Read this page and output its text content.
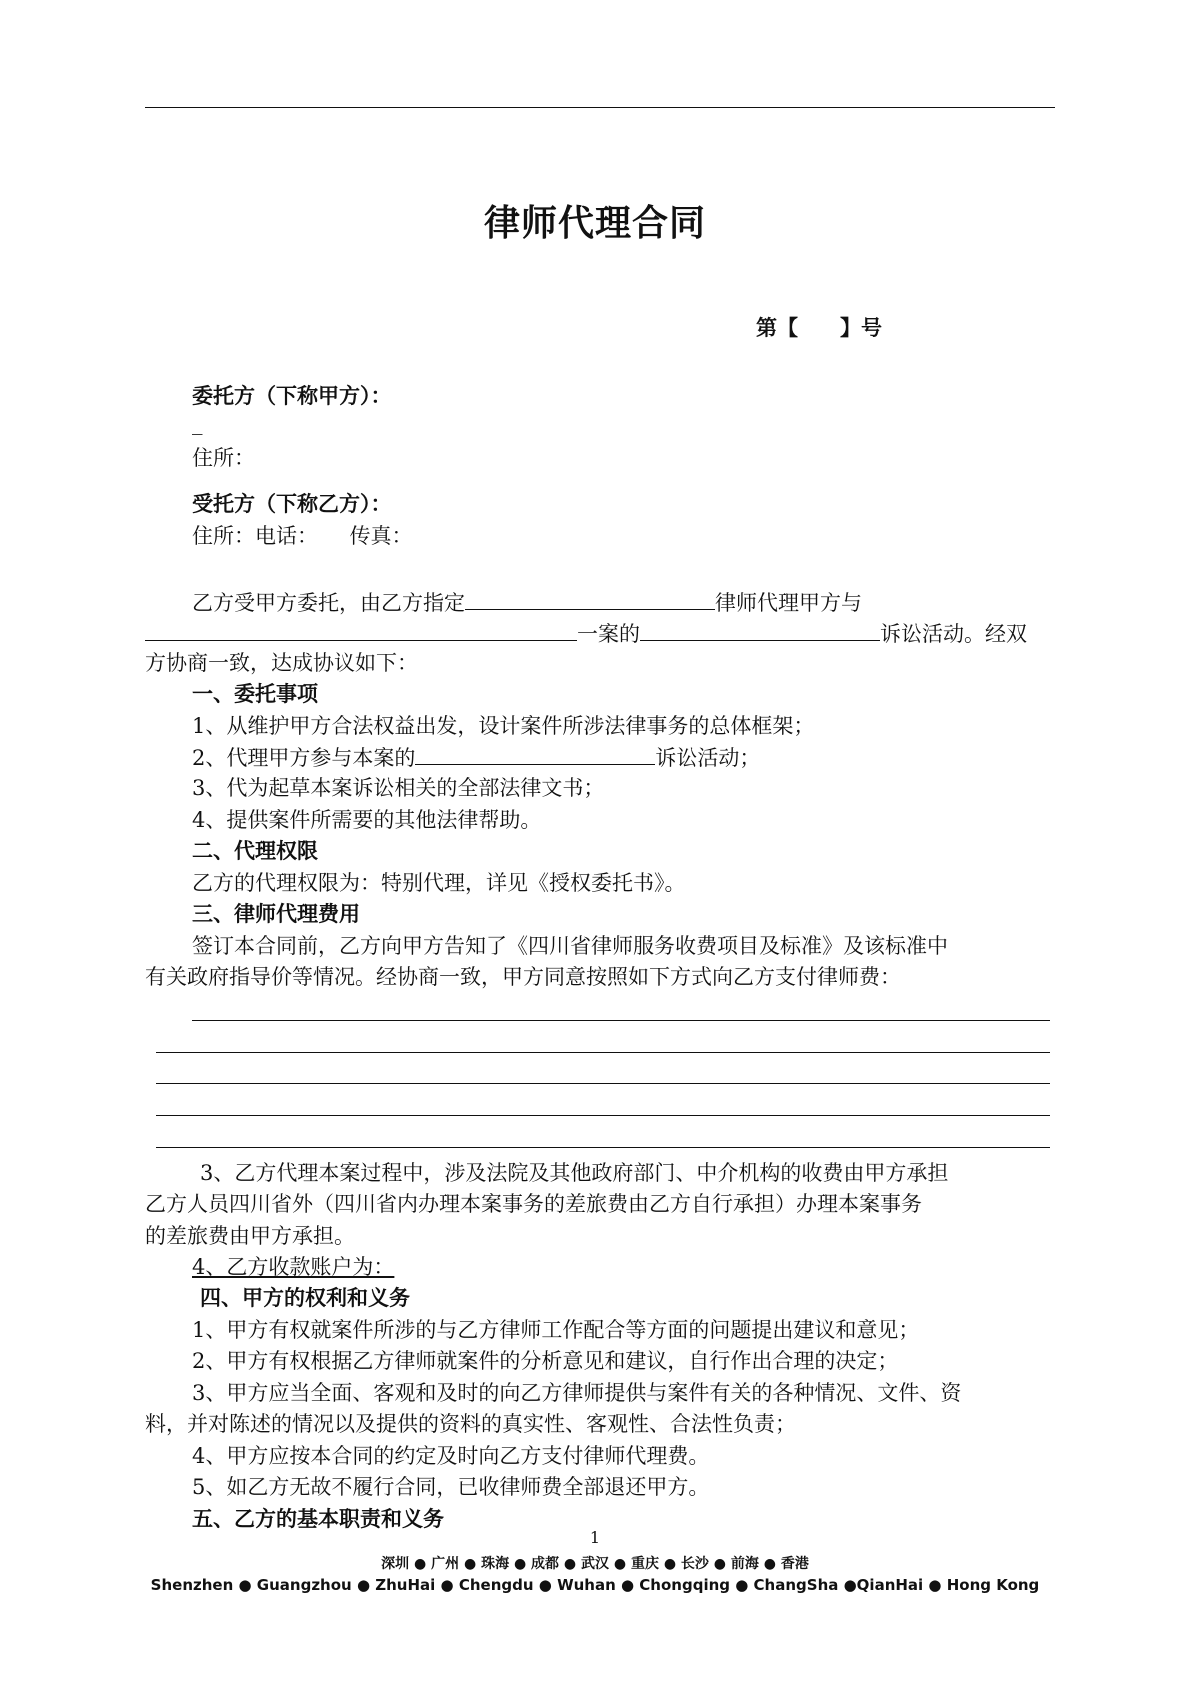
律师代理合同
第【　　】号
委托方（下称甲方）：
_
住所：
受托方（下称乙方）：
住所：电话：　　传真：
乙方受甲方委托，由乙方指定	律师代理甲方与
一案的	诉讼活动。经双
方协商一致，达成协议如下：
一、委托事项
1、从维护甲方合法权益出发，设计案件所涉法律事务的总体框架；
2、代理甲方参与本案的	诉讼活动；
3、代为起草本案诉讼相关的全部法律文书；
4、提供案件所需要的其他法律帮助。
二、代理权限
乙方的代理权限为：特别代理，详见《授权委托书》。
三、律师代理费用
签订本合同前，乙方向甲方告知了《四川省律师服务收费项目及标准》及该标准中
有关政府指导价等情况。经协商一致，甲方同意按照如下方式向乙方支付律师费：
3、乙方代理本案过程中，涉及法院及其他政府部门、中介机构的收费由甲方承担
乙方人员四川省外（四川省内办理本案事务的差旅费由乙方自行承担）办理本案事务
的差旅费由甲方承担。
4、乙方收款账户为：
四、甲方的权利和义务
1、甲方有权就案件所涉的与乙方律师工作配合等方面的问题提出建议和意见；
2、甲方有权根据乙方律师就案件的分析意见和建议，自行作出合理的决定；
3、甲方应当全面、客观和及时的向乙方律师提供与案件有关的各种情况、文件、资
料，并对陈述的情况以及提供的资料的真实性、客观性、合法性负责；
4、甲方应按本合同的约定及时向乙方支付律师代理费。
5、如乙方无故不履行合同，已收律师费全部退还甲方。
五、乙方的基本职责和义务
1
深圳 ● 广州 ● 珠海 ● 成都 ● 武汉 ● 重庆 ● 长沙 ● 前海 ● 香港
Shenzhen ● Guangzhou ● ZhuHai ● Chengdu ● Wuhan ● Chongqing ● ChangSha ●QianHai ● Hong Kong
